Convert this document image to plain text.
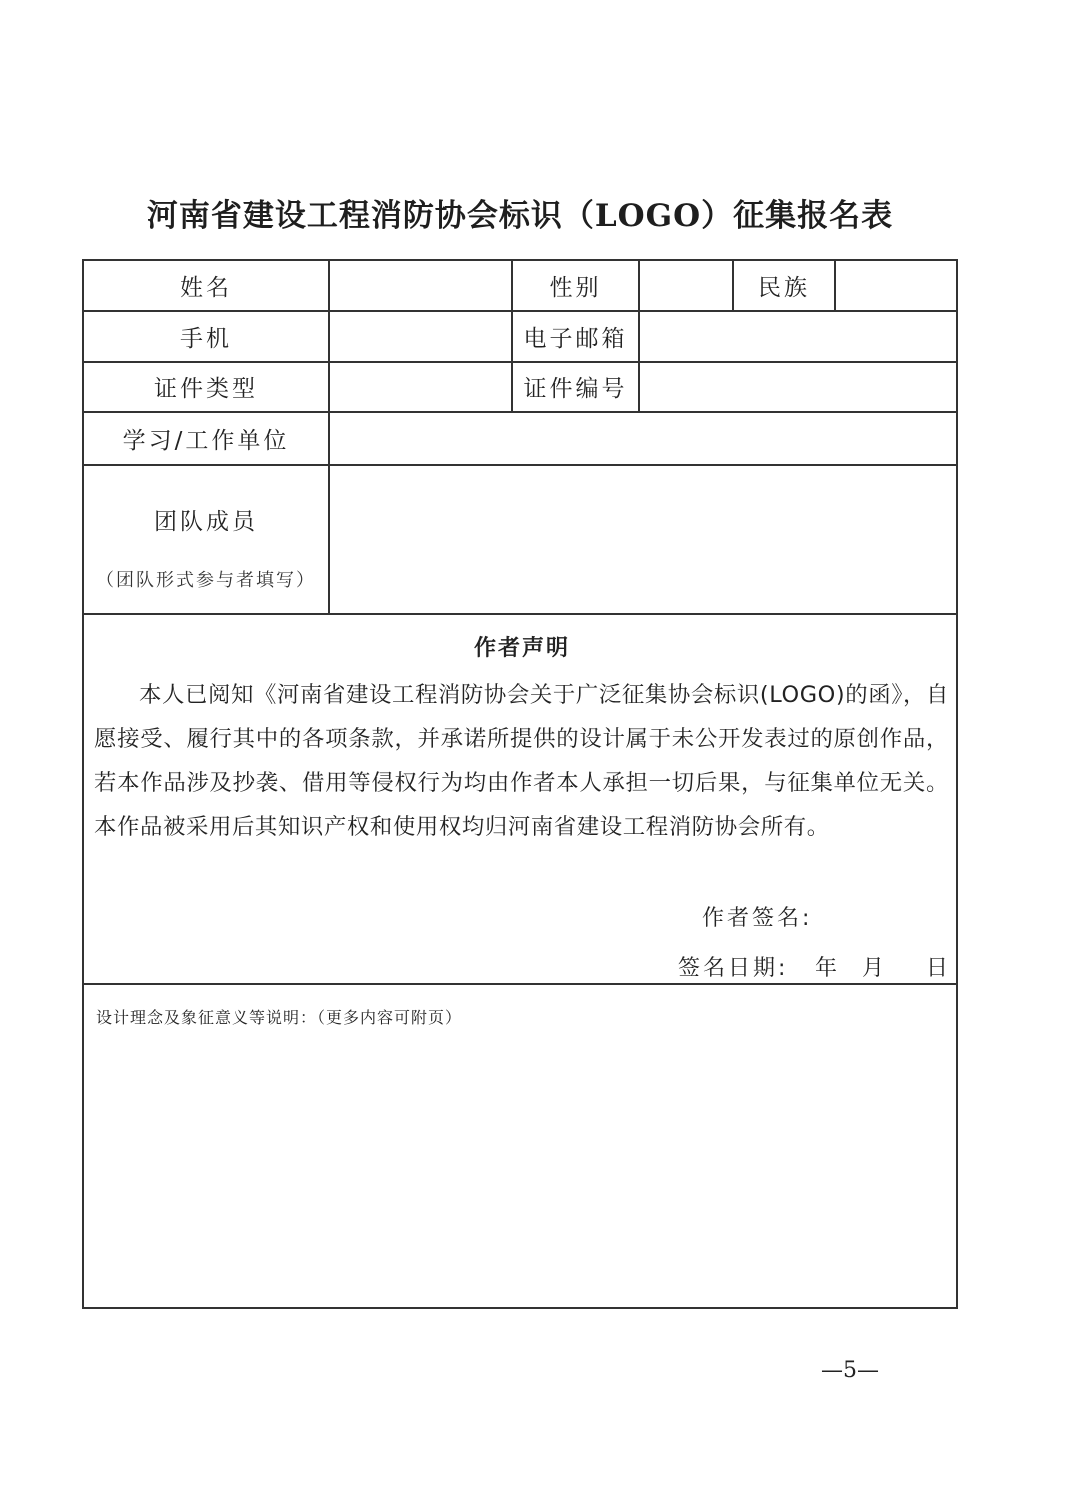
河南省建设工程消防协会标识（LOGO）征集报名表
姓名	性别	民族
手机	电子邮箱
证件类型	证件编号
学习/工作单位
团队成员
（团队形式参与者填写）
作者声明

本人已阅知《河南省建设工程消防协会关于广泛征集协会标识(LOGO)的函》，自愿接受、履行其中的各项条款，并承诺所提供的设计属于未公开发表过的原创作品，若本作品涉及抄袭、借用等侵权行为均由作者本人承担一切后果，与征集单位无关。本作品被采用后其知识产权和使用权均归河南省建设工程消防协会所有。

作者签名:
签名日期: 年 月 日
设计理念及象征意义等说明：（更多内容可附页）
—5—
